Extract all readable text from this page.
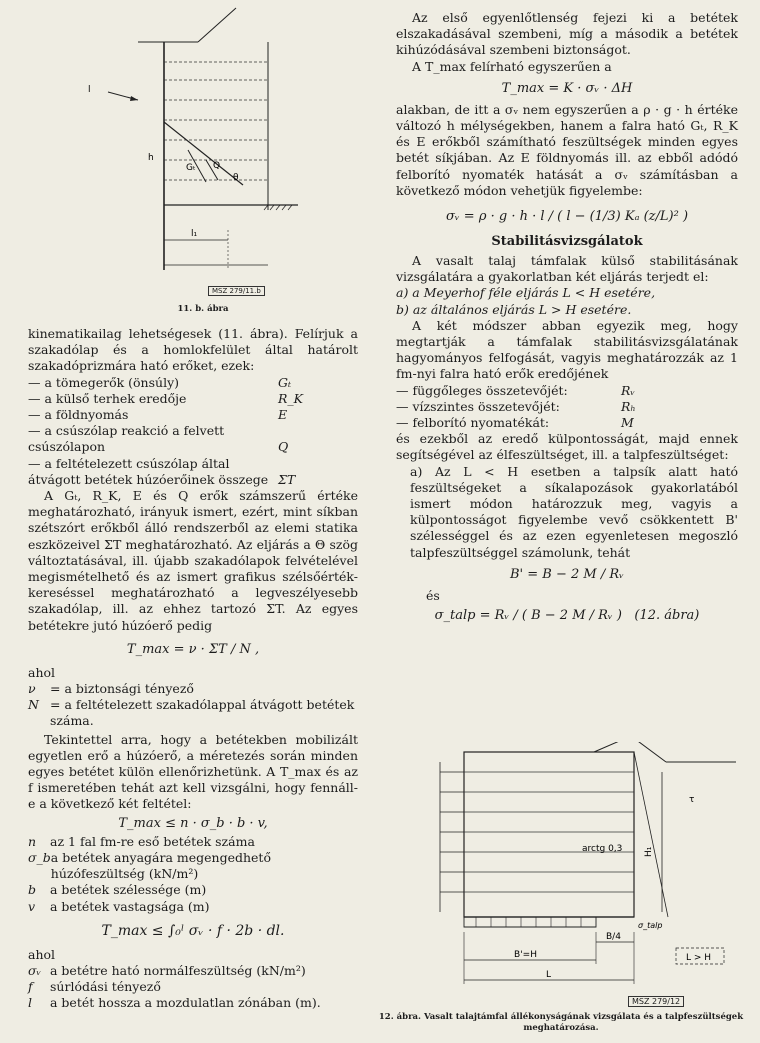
l₁
h
θ
Q
Gₜ
l
MSZ 279/11.b
11. b. ábra

kinematikailag lehetségesek (11. ábra). Felírjuk a szakadólap és a homlokfelület által határolt szakadóprizmára ható erőket, ezek:

— a tömegerők (önsúly)	Gₜ
— a külső terhek eredője	R_K
— a földnyomás	E
— a csúszólap reakció a felvett csúszólapon	Q
— a feltételezett csúszólap által átvágott betétek húzóerőinek összege ΣT

A Gₜ, R_K, E és Q erők számszerű értéke meghatározható, irányuk ismert, ezért, mint síkban szétszórt erőkből álló rendszerből az elemi statika eszközeivel ΣT meghatározható. Az eljárás a Θ szög változtatásával, ill. újabb szakadólapok felvételével megismételhető és az ismert grafikus szélsőérték-kereséssel meghatározható a legveszélyesebb szakadólap, ill. az ehhez tartozó ΣT. Az egyes betétekre jutó húzóerő pedig

T_max = ν · ΣT / N ,

ahol

ν	= a biztonsági tényező
N = a feltételezett szakadólappal átvágott betétek száma.

Tekintettel arra, hogy a betétekben mobilizált egyetlen erő a húzóerő, a méretezés során minden egyes betétet külön ellenőrizhetünk. A T_max és az f ismeretében tehát azt kell vizsgálni, hogy fennáll-e a következő két feltétel:

T_max ≤ n · σ_b · b · v,
n	az 1 fal fm-re eső betétek száma
σ_b a betétek anyagára megengedhető húzófeszültség (kN/m²)
b	a betétek szélessége (m)
v	a betétek vastagsága (m)
T_max ≤ ∫₀ˡ σᵥ · f · 2b · dl.

ahol

σᵥ a betétre ható normálfeszültség (kN/m²)
f	súrlódási tényező
l	a betét hossza a mozdulatlan zónában (m).

Az első egyenlőtlenség fejezi ki a betétek elszakadásával szembeni, míg a második a betétek kihúzódásával szembeni biztonságot.

A T_max felírható egyszerűen a

T_max = K · σᵥ · ΔH

alakban, de itt a σᵥ nem egyszerűen a ρ · g · h értéke változó h mélységekben, hanem a falra ható Gₜ, R_K és E erőkből számítható feszültségek minden egyes betét síkjában. Az E földnyomás ill. az ebből adódó felborító nyomaték hatását a σᵥ számításban a következő módon vehetjük figyelembe:

σᵥ = ρ · g · h · l / ( l − (1/3) Kₐ (z/L)² )
Stabilitásvizsgálatok

A vasalt talaj támfalak külső stabilitásának vizsgálatára a gyakorlatban két eljárás terjedt el:

a) a Meyerhof féle eljárás L < H esetére,

b) az általános eljárás L > H esetére.

A két módszer abban egyezik meg, hogy megtartják a támfalak stabilitásvizsgálatának hagyományos felfogását, vagyis meghatározzák az 1 fm-nyi falra ható erők eredőjének

— függőleges összetevőjét:	Rᵥ
— vízszintes összetevőjét:	Rₕ
— felborító nyomatékát:	M

és ezekből az eredő külpontosságát, majd ennek segítségével az élfeszültséget, ill. a talpfeszültséget:

a) Az L < H esetben a talpsík alatt ható feszültségeket a síkalapozások gyakorlatából ismert módon határozzuk meg, vagyis a külpontosságot figyelembe vevő csökkentett B' szélességgel és az ezen egyenletesen megoszló talpfeszültséggel számolunk, tehát

B' = B − 2 M / Rᵥ

és

σ_talp = Rᵥ / ( B − 2 M / Rᵥ ) (12. ábra)
arctg 0,3 H₁
τ
σ_talp
B/4
B'=H
L
L > H
MSZ 279/12
12. ábra. Vasalt talajtámfal állékonyságának vizsgálata és a talpfeszültségek meghatározása.
